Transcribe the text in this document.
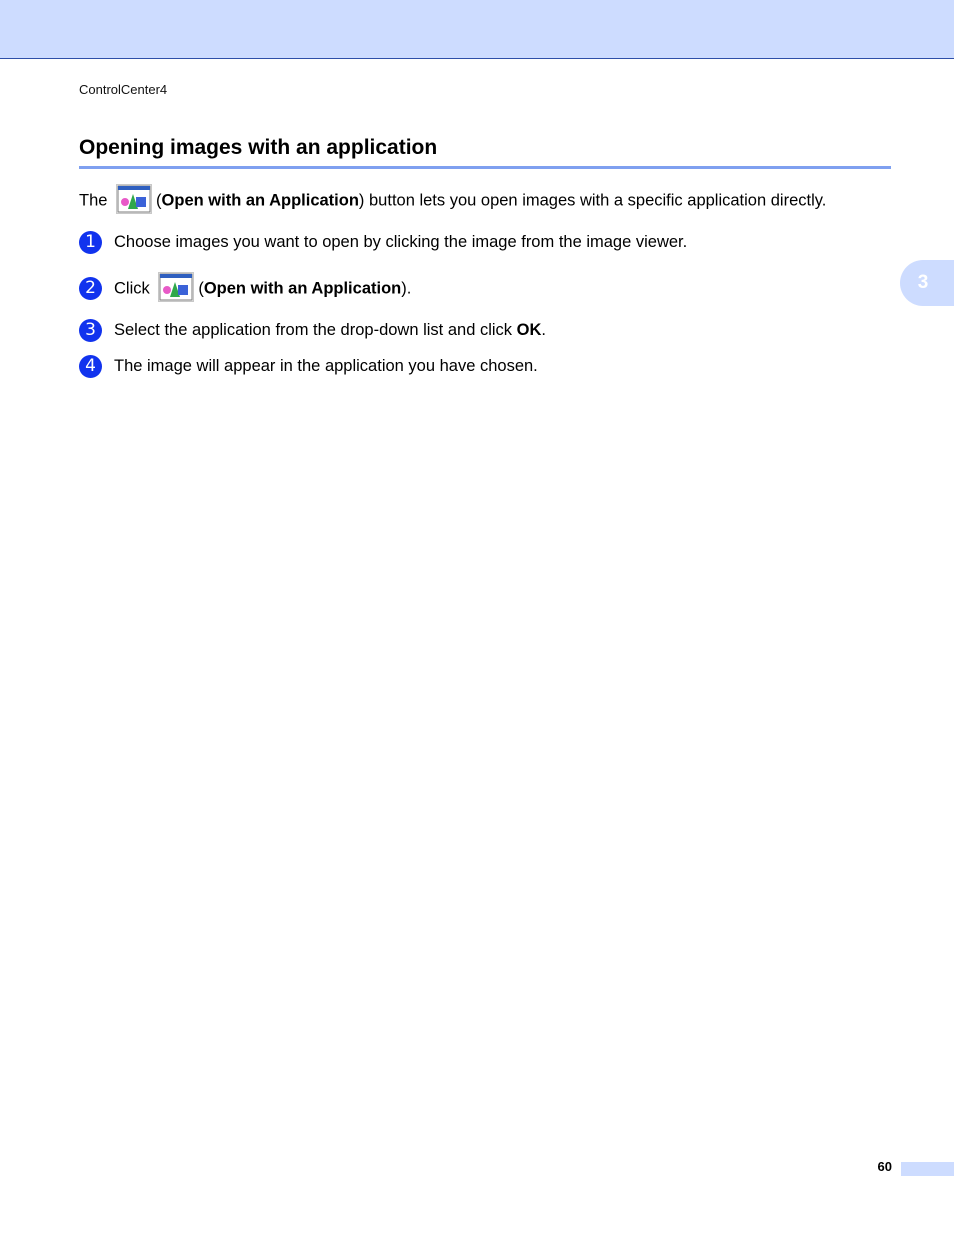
ControlCenter4
Opening images with an application
The	(Open with an Application) button lets you open images with a specific application directly.
1	Choose images you want to open by clicking the image from the image viewer.
2	Click	(Open with an Application).
3	Select the application from the drop-down list and click OK.
4	The image will appear in the application you have chosen.
3
60
